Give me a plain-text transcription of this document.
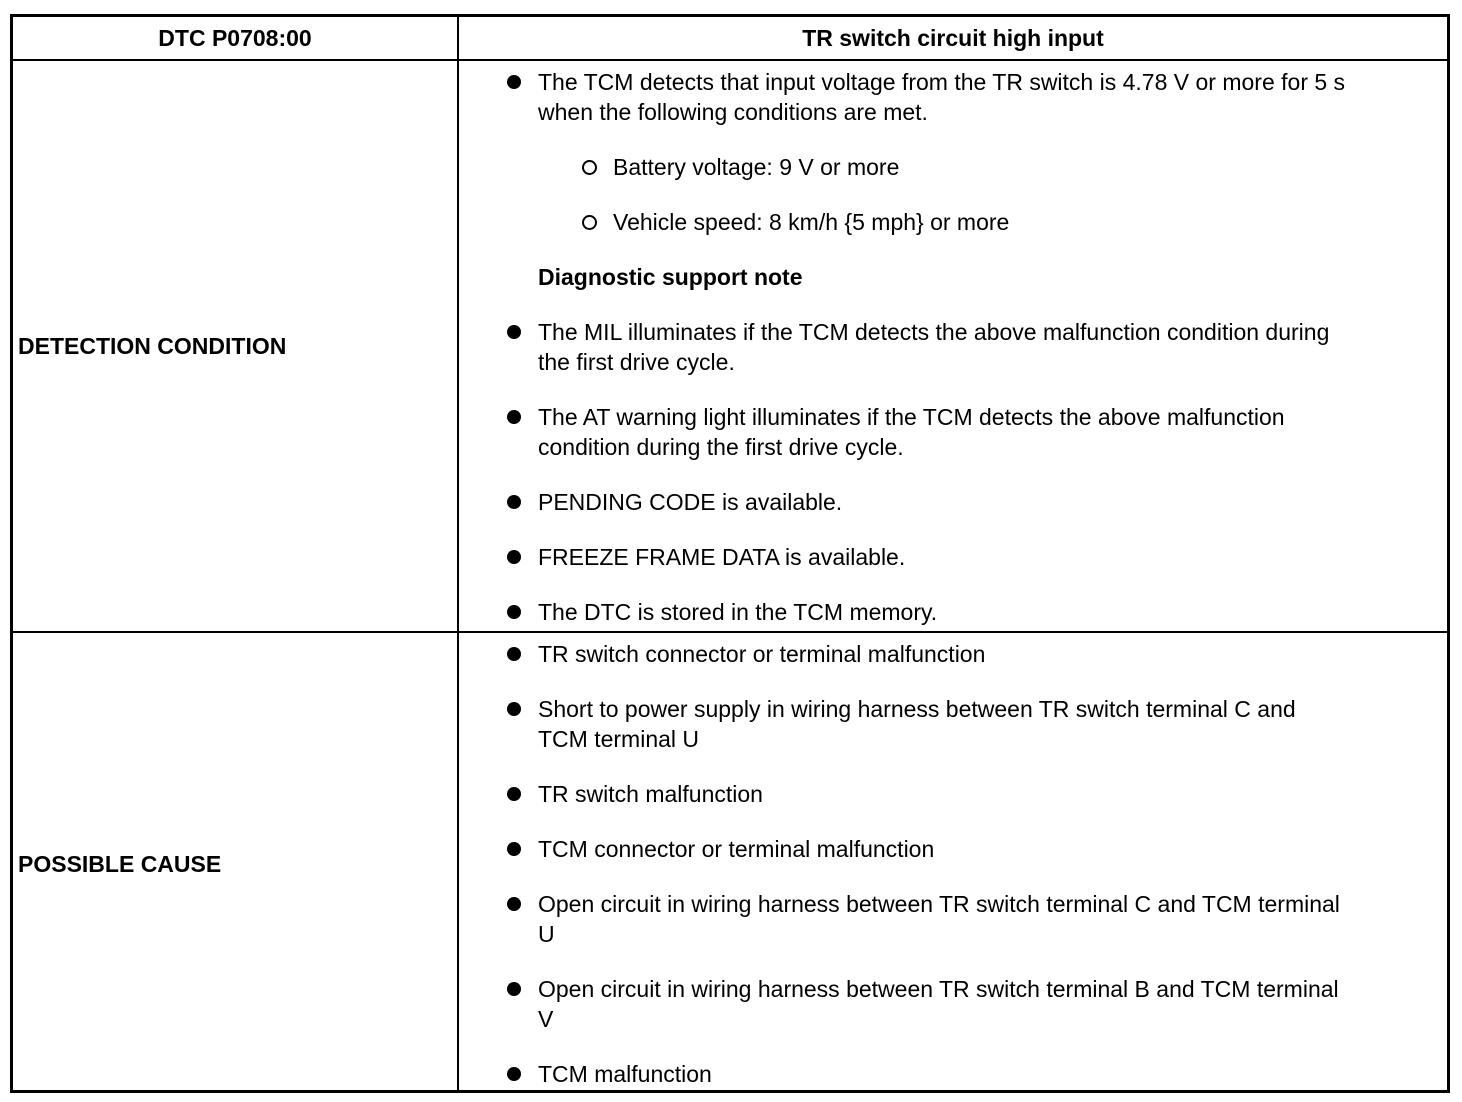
DTC P0708:00	TR switch circuit high input
DETECTION CONDITION
POSSIBLE CAUSE
The TCM detects that input voltage from the TR switch is 4.78 V or more for 5 s
when the following conditions are met.
Battery voltage: 9 V or more
Vehicle speed: 8 km/h {5 mph} or more
Diagnostic support note
The MIL illuminates if the TCM detects the above malfunction condition during
the first drive cycle.
The AT warning light illuminates if the TCM detects the above malfunction
condition during the first drive cycle.
PENDING CODE is available.
FREEZE FRAME DATA is available.
The DTC is stored in the TCM memory.
TR switch connector or terminal malfunction
Short to power supply in wiring harness between TR switch terminal C and
TCM terminal U
TR switch malfunction
TCM connector or terminal malfunction
Open circuit in wiring harness between TR switch terminal C and TCM terminal
U
Open circuit in wiring harness between TR switch terminal B and TCM terminal
V
TCM malfunction
